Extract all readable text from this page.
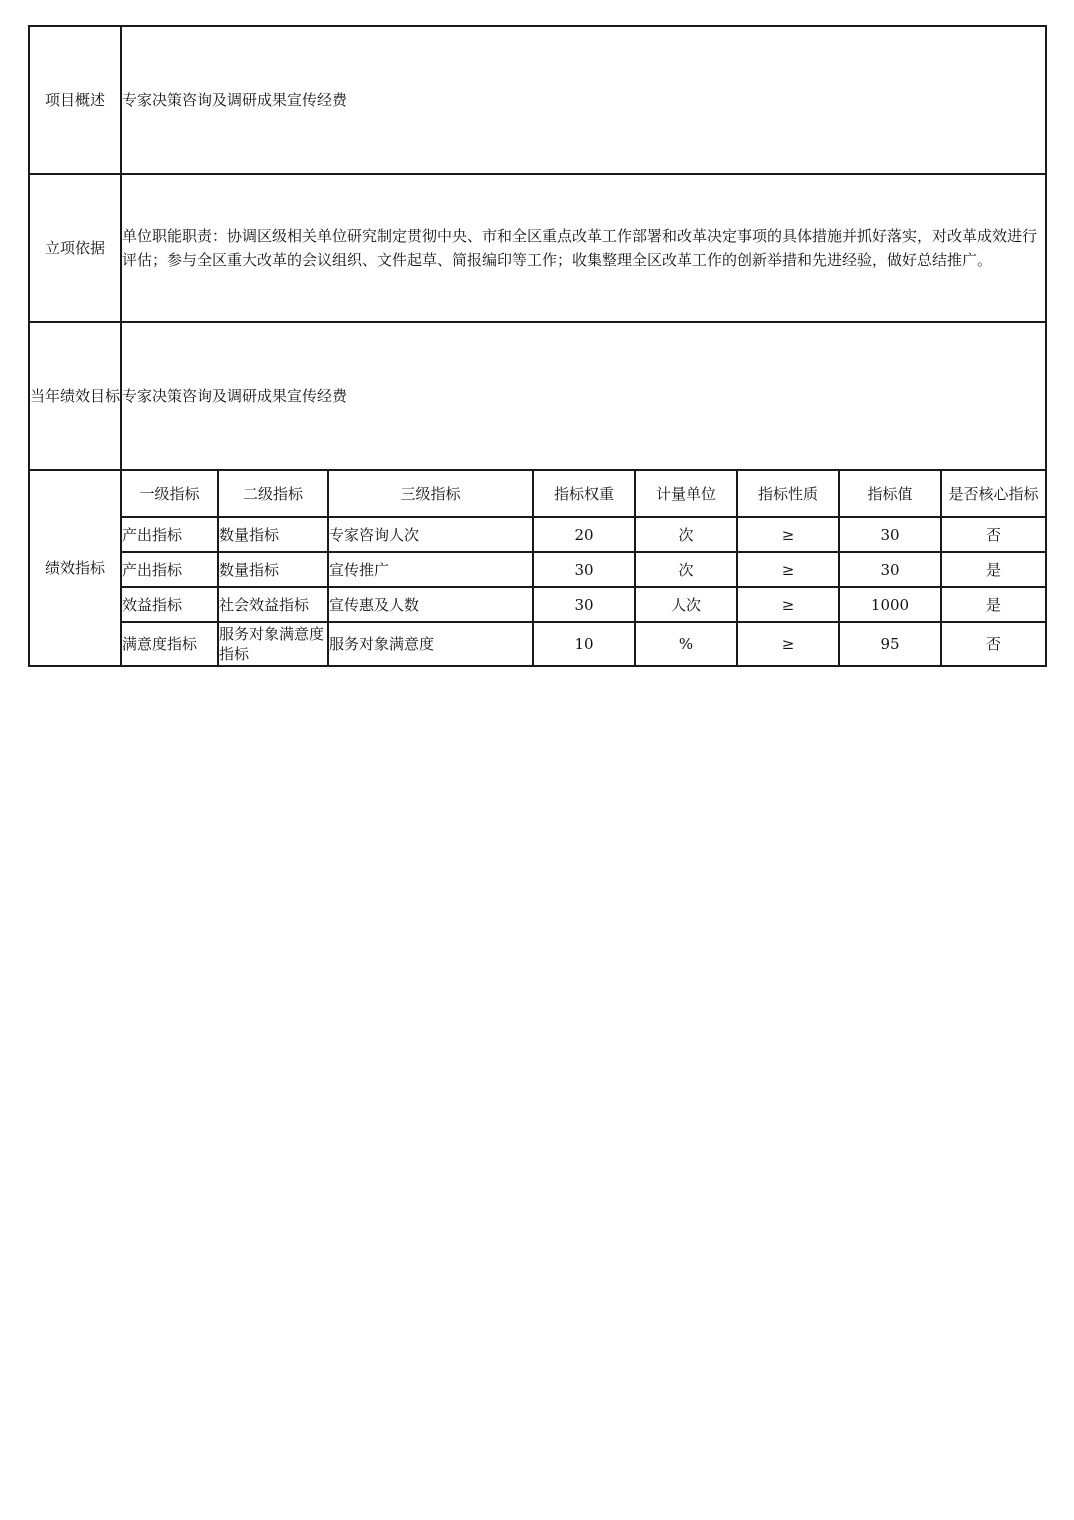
项目概述	专家决策咨询及调研成果宣传经费							
立项依据	单位职能职责：协调区级相关单位研究制定贯彻中央、市和全区重点改革工作部署和改革决定事项的具体措施并抓好落实，对改革成效进行评估；参与全区重大改革的会议组织、文件起草、简报编印等工作；收集整理全区改革工作的创新举措和先进经验，做好总结推广。							
当年绩效目标	专家决策咨询及调研成果宣传经费							
绩效指标	一级指标	二级指标	三级指标	指标权重	计量单位	指标性质	指标值	是否核心指标
	产出指标	数量指标	专家咨询人次	20	次	≥	30	否
	产出指标	数量指标	宣传推广	30	次	≥	30	是
	效益指标	社会效益指标	宣传惠及人数	30	人次	≥	1000	是
	满意度指标	服务对象满意度指标	服务对象满意度	10	%	≥	95	否
